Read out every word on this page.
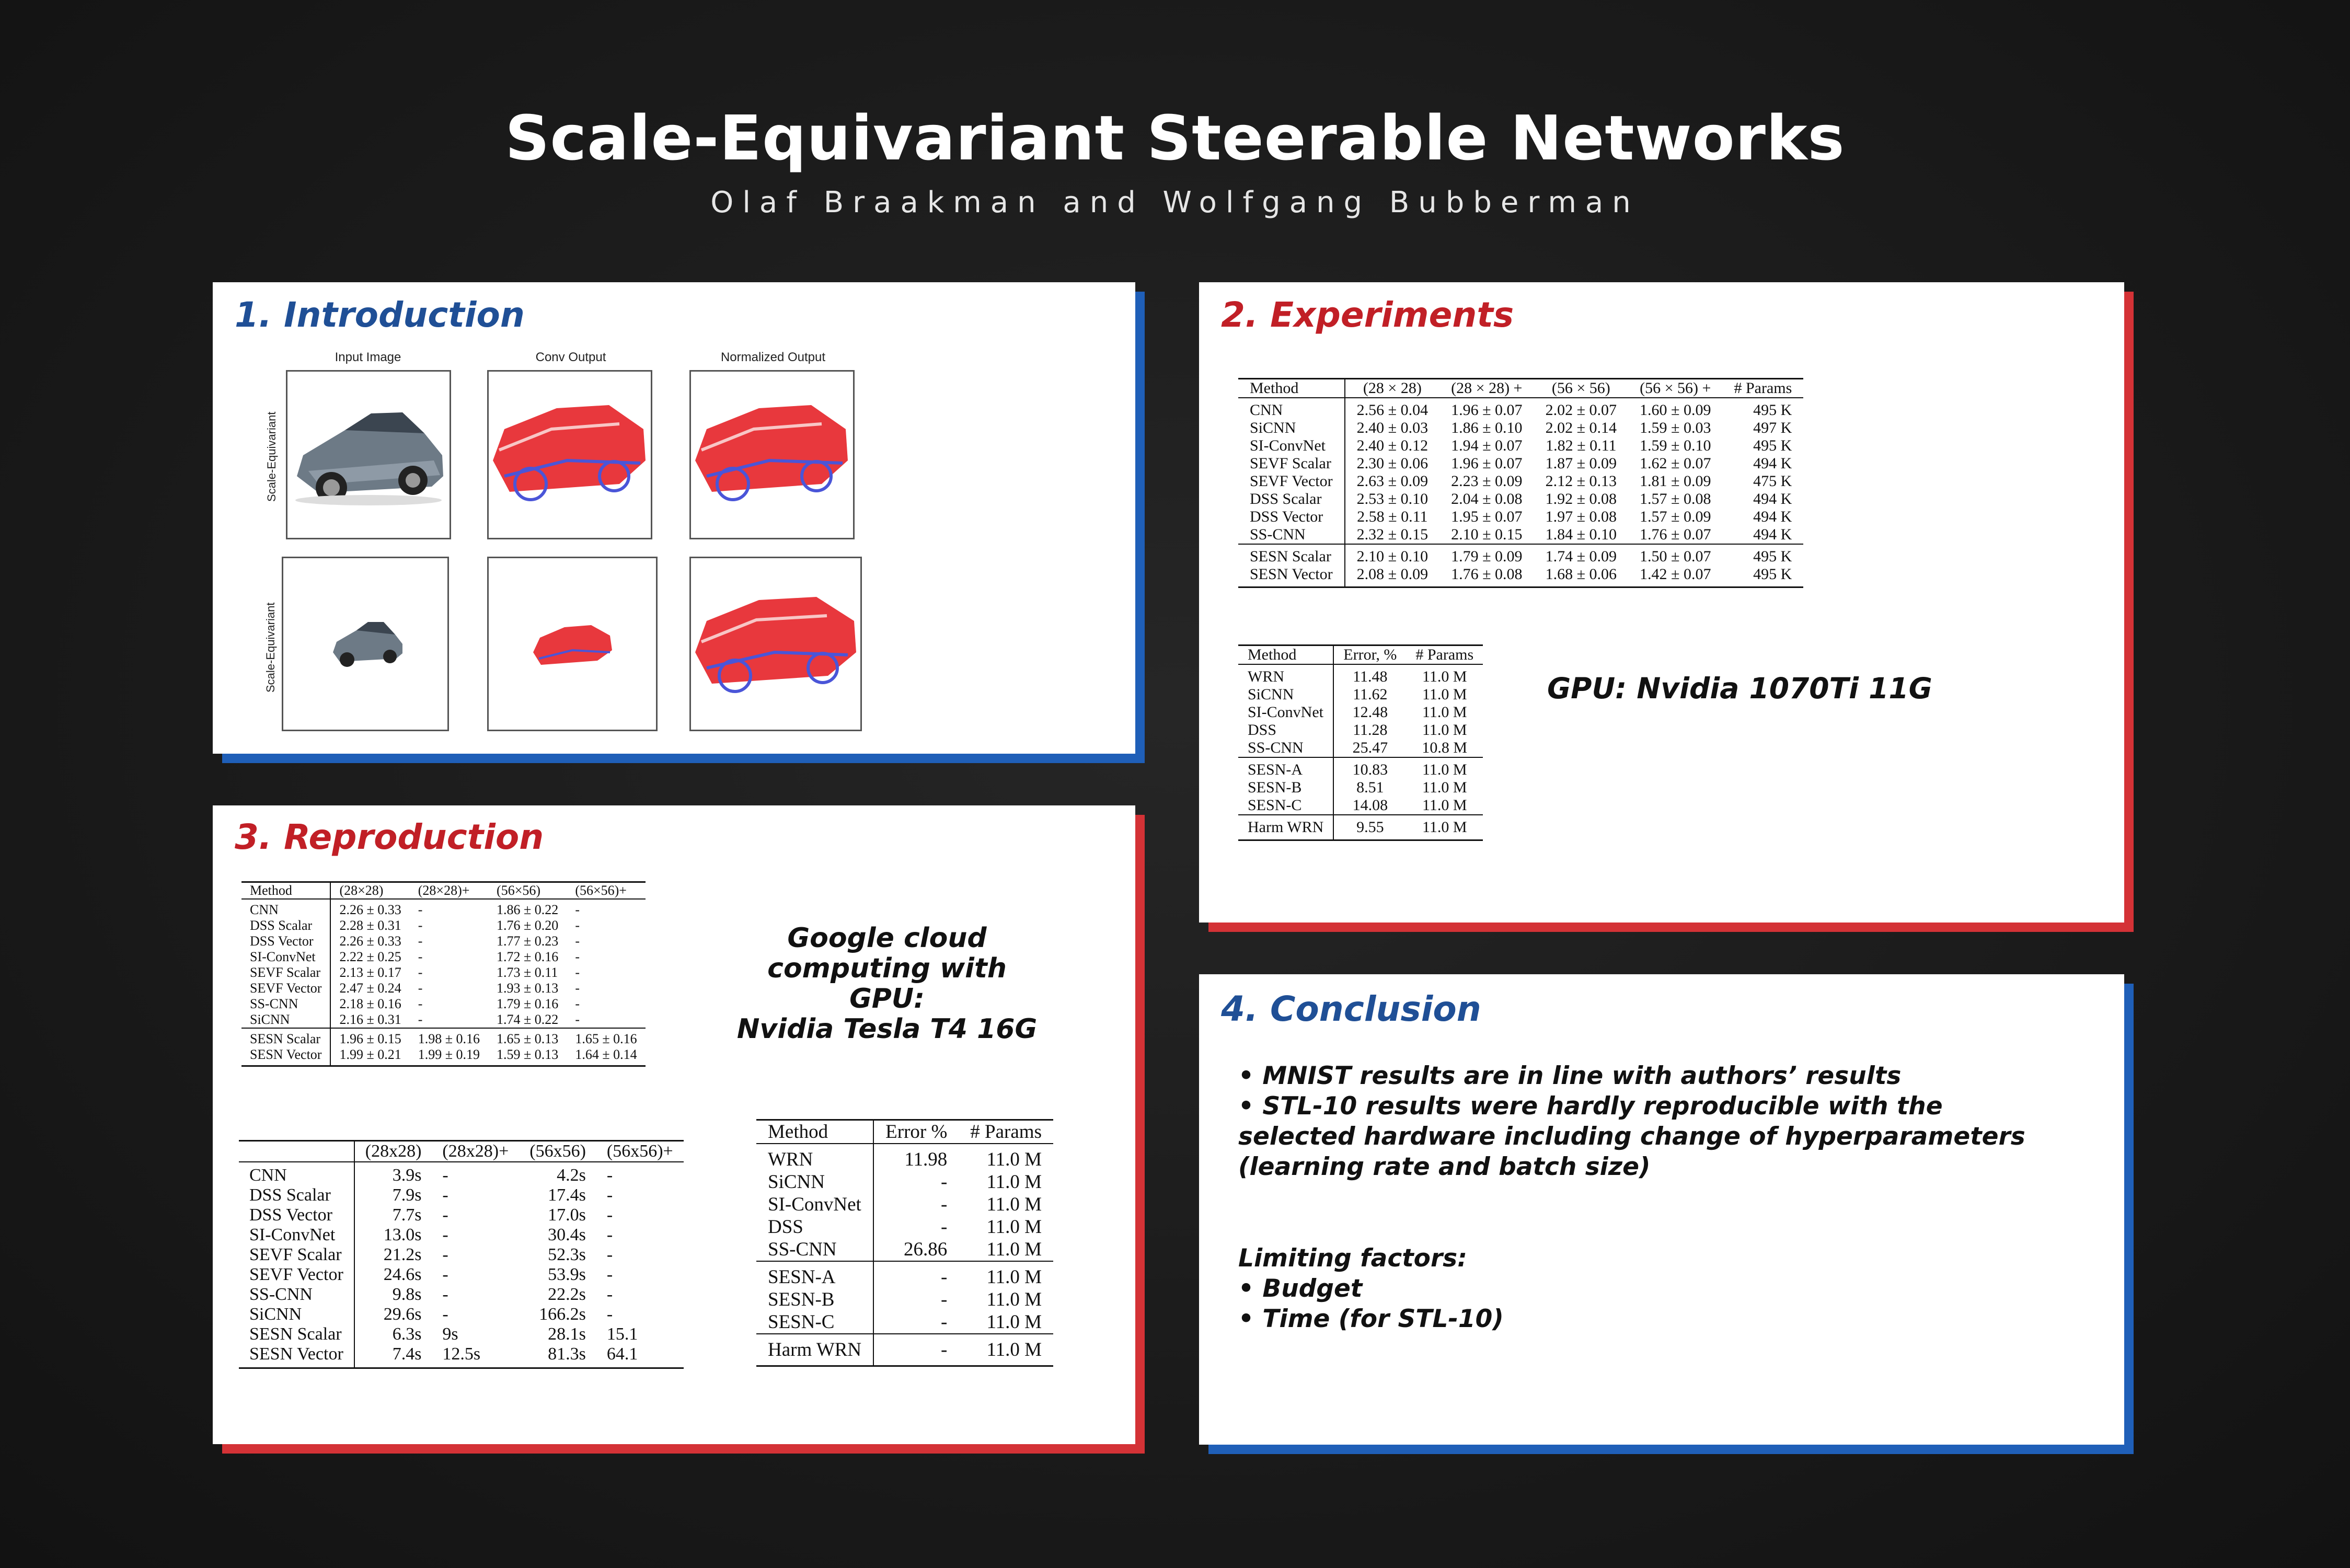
Scale-Equivariant Steerable Networks
Olaf Braakman and Wolfgang Bubberman
1. Introduction
Input Image	Conv Output	Normalized Output
Scale-Equivariant
Scale-Equivariant
2. Experiments
Method	(28 × 28)	(28 × 28) +	(56 × 56)	(56 × 56) +	# Params
CNN	2.56 ± 0.04	1.96 ± 0.07	2.02 ± 0.07	1.60 ± 0.09	495 K
SiCNN	2.40 ± 0.03	1.86 ± 0.10	2.02 ± 0.14	1.59 ± 0.03	497 K
SI-ConvNet	2.40 ± 0.12	1.94 ± 0.07	1.82 ± 0.11	1.59 ± 0.10	495 K
SEVF Scalar	2.30 ± 0.06	1.96 ± 0.07	1.87 ± 0.09	1.62 ± 0.07	494 K
SEVF Vector	2.63 ± 0.09	2.23 ± 0.09	2.12 ± 0.13	1.81 ± 0.09	475 K
DSS Scalar	2.53 ± 0.10	2.04 ± 0.08	1.92 ± 0.08	1.57 ± 0.08	494 K
DSS Vector	2.58 ± 0.11	1.95 ± 0.07	1.97 ± 0.08	1.57 ± 0.09	494 K
SS-CNN	2.32 ± 0.15	2.10 ± 0.15	1.84 ± 0.10	1.76 ± 0.07	494 K
SESN Scalar	2.10 ± 0.10	1.79 ± 0.09	1.74 ± 0.09	1.50 ± 0.07	495 K
SESN Vector	2.08 ± 0.09	1.76 ± 0.08	1.68 ± 0.06	1.42 ± 0.07	495 K
Method	Error, %	# Params
WRN	11.48	11.0 M
SiCNN	11.62	11.0 M
SI-ConvNet	12.48	11.0 M
DSS	11.28	11.0 M
SS-CNN	25.47	10.8 M
SESN-A	10.83	11.0 M
SESN-B	8.51	11.0 M
SESN-C	14.08	11.0 M
Harm WRN	9.55	11.0 M
GPU: Nvidia 1070Ti 11G
3. Reproduction
Method	(28×28)	(28×28)+	(56×56)	(56×56)+
CNN	2.26 ± 0.33	-	1.86 ± 0.22	-
DSS Scalar	2.28 ± 0.31	-	1.76 ± 0.20	-
DSS Vector	2.26 ± 0.33	-	1.77 ± 0.23	-
SI-ConvNet	2.22 ± 0.25	-	1.72 ± 0.16	-
SEVF Scalar	2.13 ± 0.17	-	1.73 ± 0.11	-
SEVF Vector	2.47 ± 0.24	-	1.93 ± 0.13	-
SS-CNN	2.18 ± 0.16	-	1.79 ± 0.16	-
SiCNN	2.16 ± 0.31	-	1.74 ± 0.22	-
SESN Scalar	1.96 ± 0.15	1.98 ± 0.16	1.65 ± 0.13	1.65 ± 0.16
SESN Vector	1.99 ± 0.21	1.99 ± 0.19	1.59 ± 0.13	1.64 ± 0.14
	(28x28)	(28x28)+	(56x56)	(56x56)+
CNN	3.9s	-	4.2s	-
DSS Scalar	7.9s	-	17.4s	-
DSS Vector	7.7s	-	17.0s	-
SI-ConvNet	13.0s	-	30.4s	-
SEVF Scalar	21.2s	-	52.3s	-
SEVF Vector	24.6s	-	53.9s	-
SS-CNN	9.8s	-	22.2s	-
SiCNN	29.6s	-	166.2s	-
SESN Scalar	6.3s	9s	28.1s	15.1
SESN Vector	7.4s	12.5s	81.3s	64.1
Method	Error %	# Params
WRN	11.98	11.0 M
SiCNN	-	11.0 M
SI-ConvNet	-	11.0 M
DSS	-	11.0 M
SS-CNN	26.86	11.0 M
SESN-A	-	11.0 M
SESN-B	-	11.0 M
SESN-C	-	11.0 M
Harm WRN	-	11.0 M
Google cloud
computing with GPU:
Nvidia Tesla T4 16G	4. Conclusion
• MNIST results are in line with authors’ results
• STL-10 results were hardly reproducible with the
selected hardware including change of hyperparameters
(learning rate and batch size)
Limiting factors:
• Budget
• Time (for STL-10)
